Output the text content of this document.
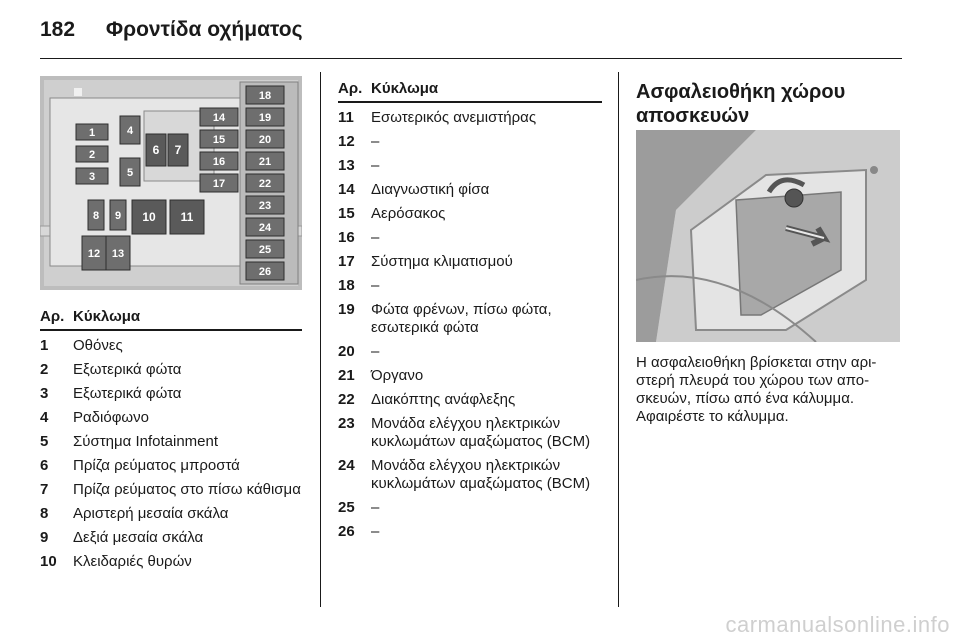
182 Φροντίδα οχήματος
1
2
3
4
5
8 9
12 13
6 7
10 11
14
15
16
17
18
19
20
21
22
23
24
25
26
Αρ. Κύκλωμα
1	Οθόνες
2	Εξωτερικά φώτα
3	Εξωτερικά φώτα
4	Ραδιόφωνο
5	Σύστημα Infotainment
6	Πρίζα ρεύματος μπροστά
7	Πρίζα ρεύματος στο πίσω κάθισμα
8	Αριστερή μεσαία σκάλα
9	Δεξιά μεσαία σκάλα
10	Κλειδαριές θυρών
Αρ. Κύκλωμα
11	Εσωτερικός ανεμιστήρας
12	–
13	–
14	Διαγνωστική φίσα
15	Αερόσακος
16	–
17	Σύστημα κλιματισμού
18	–
19	Φώτα φρένων, πίσω φώτα, εσωτερικά φώτα
20	–
21	Όργανο
22	Διακόπτης ανάφλεξης
23	Μονάδα ελέγχου ηλεκτρικών κυκλωμάτων αμαξώματος (BCM)
24	Μονάδα ελέγχου ηλεκτρικών κυκλωμάτων αμαξώματος (BCM)
25	–
26	–
Ασφαλειοθήκη χώρου αποσκευών
Η ασφαλειοθήκη βρίσκεται στην αρι-στερή πλευρά του χώρου των απο-σκευών, πίσω από ένα κάλυμμα. Αφαιρέστε το κάλυμμα.
carmanualsonline.info
